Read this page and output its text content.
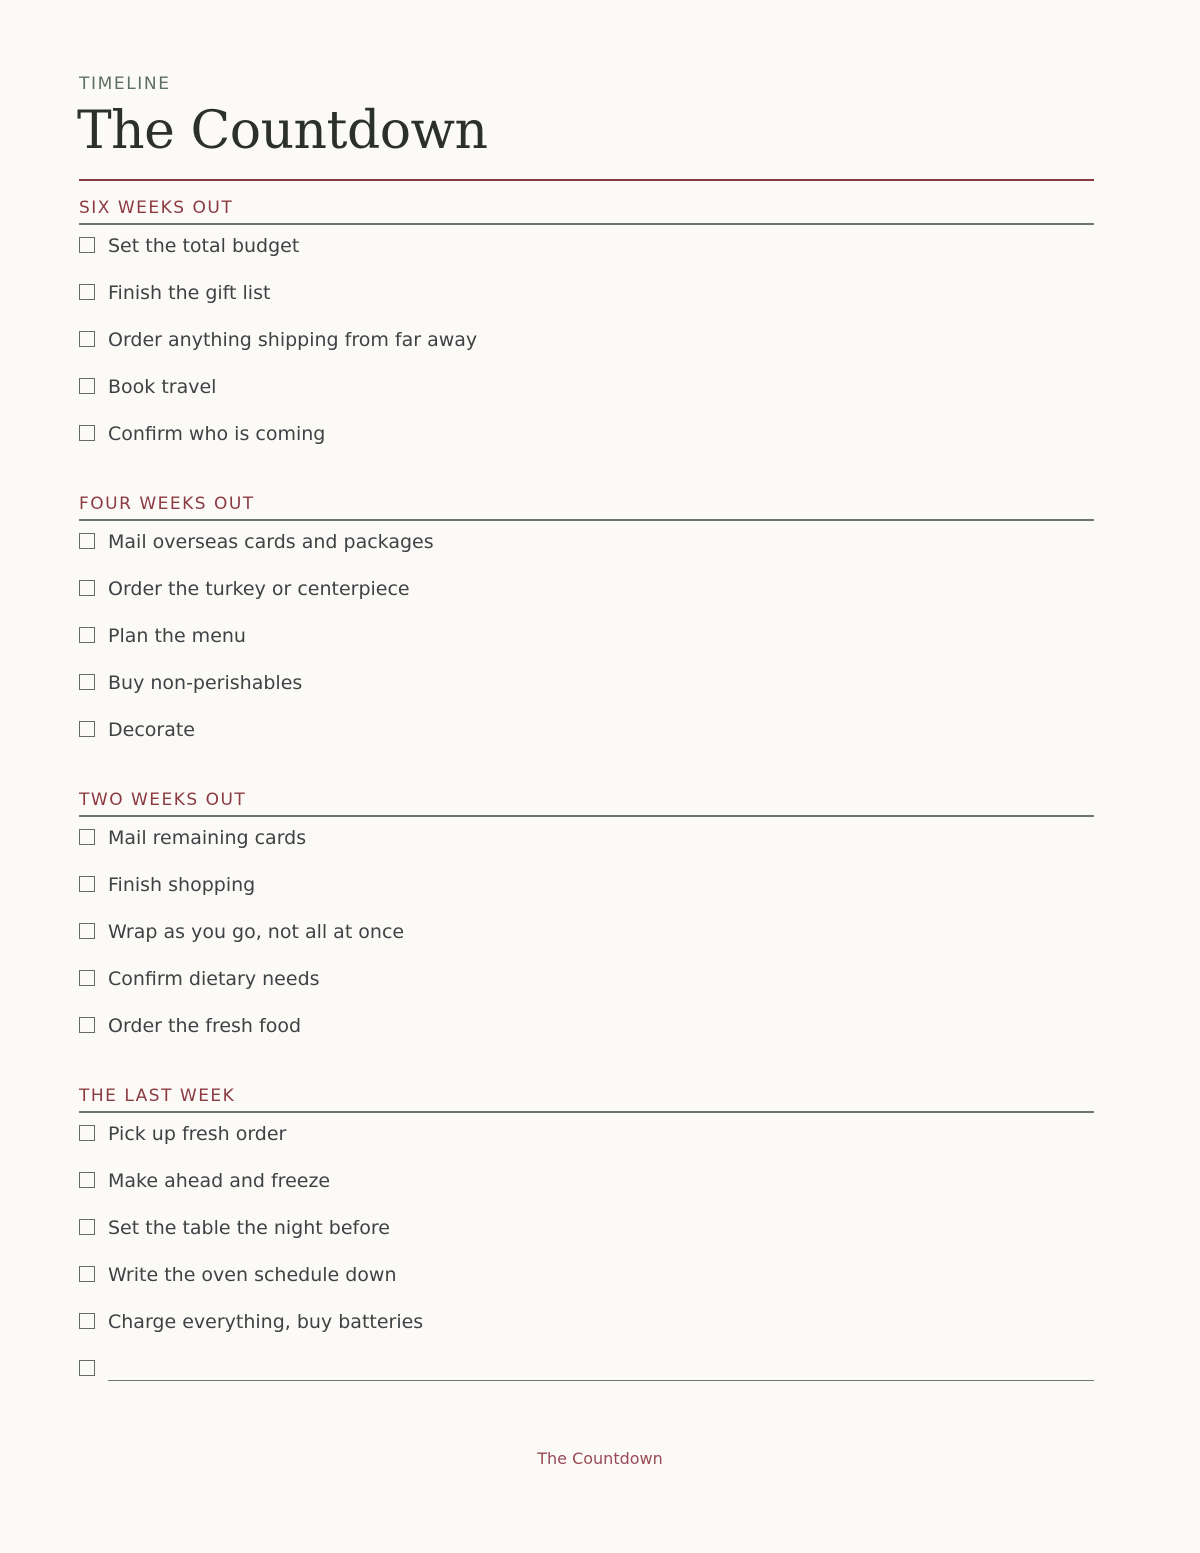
TIMELINE
The Countdown
SIX WEEKS OUT
Set the total budget
Finish the gift list
Order anything shipping from far away
Book travel
Confirm who is coming
FOUR WEEKS OUT
Mail overseas cards and packages
Order the turkey or centerpiece
Plan the menu
Buy non-perishables
Decorate
TWO WEEKS OUT
Mail remaining cards
Finish shopping
Wrap as you go, not all at once
Confirm dietary needs
Order the fresh food
THE LAST WEEK
Pick up fresh order
Make ahead and freeze
Set the table the night before
Write the oven schedule down
Charge everything, buy batteries
The Countdown
